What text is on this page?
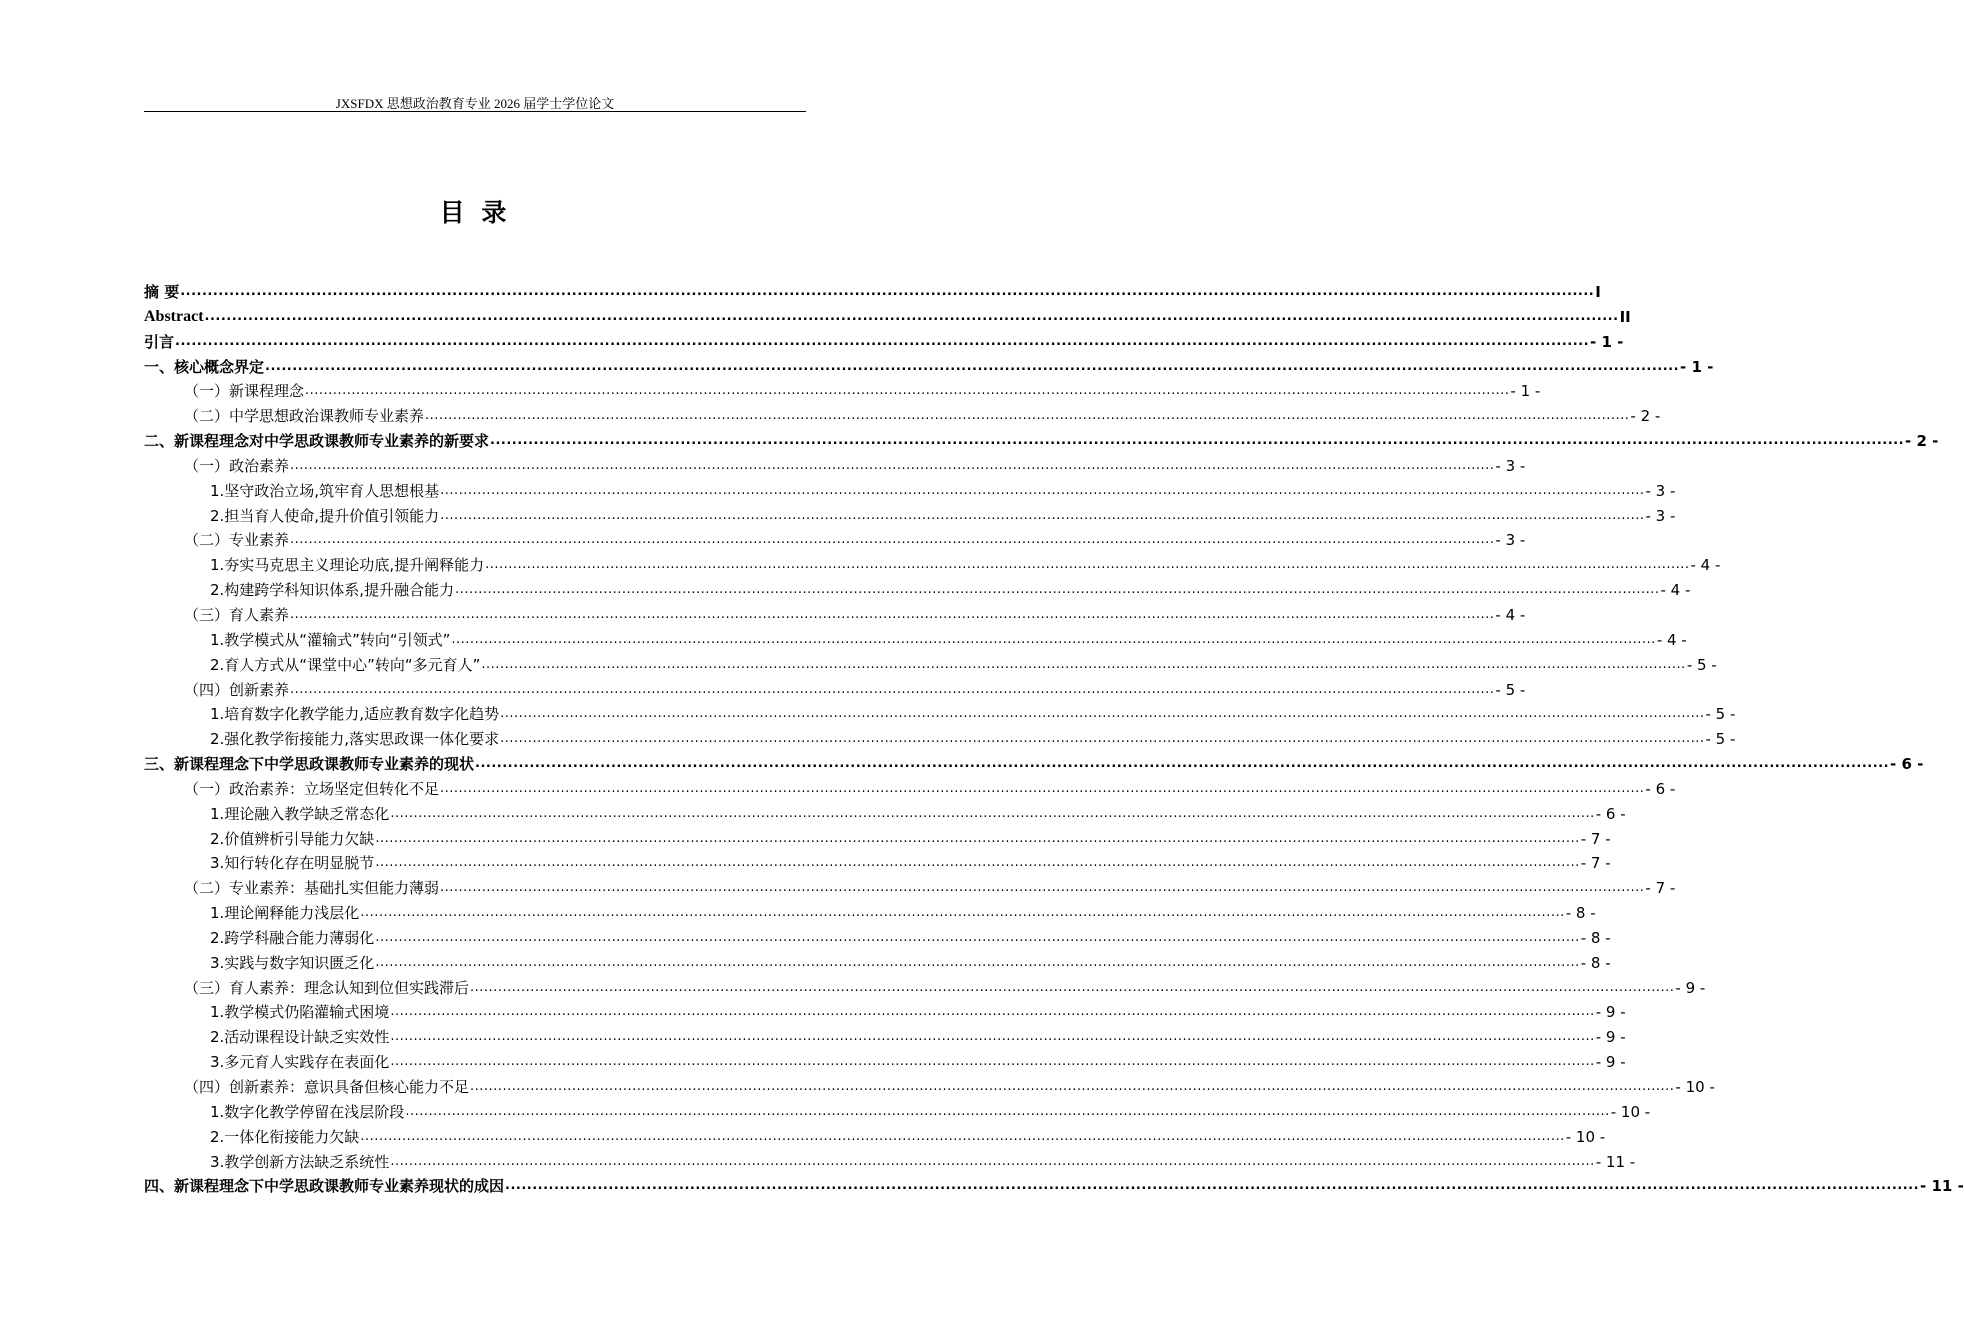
JXSFDX 思想政治教育专业 2026 届学士学位论文
目 录
摘 要 .................................................................................................................................................................................................................................................................... I
Abstract .................................................................................................................................................................................................................................................................... II
引言 .................................................................................................................................................................................................................................................................... - 1 -
一、核心概念界定 .................................................................................................................................................................................................................................................................... - 1 -
（一）新课程理念 .................................................................................................................................................................................................................................................................... - 1 -
（二）中学思想政治课教师专业素养 .................................................................................................................................................................................................................................................................... - 2 -
二、新课程理念对中学思政课教师专业素养的新要求 .................................................................................................................................................................................................................................................................... - 2 -
（一）政治素养 .................................................................................................................................................................................................................................................................... - 3 -
1.坚守政治立场,筑牢育人思想根基 .................................................................................................................................................................................................................................................................... - 3 -
2.担当育人使命,提升价值引领能力 .................................................................................................................................................................................................................................................................... - 3 -
（二）专业素养 .................................................................................................................................................................................................................................................................... - 3 -
1.夯实马克思主义理论功底,提升阐释能力 .................................................................................................................................................................................................................................................................... - 4 -
2.构建跨学科知识体系,提升融合能力 .................................................................................................................................................................................................................................................................... - 4 -
（三）育人素养 .................................................................................................................................................................................................................................................................... - 4 -
1.教学模式从“灌输式”转向“引领式” .................................................................................................................................................................................................................................................................... - 4 -
2.育人方式从“课堂中心”转向“多元育人” .................................................................................................................................................................................................................................................................... - 5 -
（四）创新素养 .................................................................................................................................................................................................................................................................... - 5 -
1.培育数字化教学能力,适应教育数字化趋势 .................................................................................................................................................................................................................................................................... - 5 -
2.强化教学衔接能力,落实思政课一体化要求 .................................................................................................................................................................................................................................................................... - 5 -
三、新课程理念下中学思政课教师专业素养的现状 .................................................................................................................................................................................................................................................................... - 6 -
（一）政治素养：立场坚定但转化不足 .................................................................................................................................................................................................................................................................... - 6 -
1.理论融入教学缺乏常态化 .................................................................................................................................................................................................................................................................... - 6 -
2.价值辨析引导能力欠缺 .................................................................................................................................................................................................................................................................... - 7 -
3.知行转化存在明显脱节 .................................................................................................................................................................................................................................................................... - 7 -
（二）专业素养：基础扎实但能力薄弱 .................................................................................................................................................................................................................................................................... - 7 -
1.理论阐释能力浅层化 .................................................................................................................................................................................................................................................................... - 8 -
2.跨学科融合能力薄弱化 .................................................................................................................................................................................................................................................................... - 8 -
3.实践与数字知识匮乏化 .................................................................................................................................................................................................................................................................... - 8 -
（三）育人素养：理念认知到位但实践滞后 .................................................................................................................................................................................................................................................................... - 9 -
1.教学模式仍陷灌输式困境 .................................................................................................................................................................................................................................................................... - 9 -
2.活动课程设计缺乏实效性 .................................................................................................................................................................................................................................................................... - 9 -
3.多元育人实践存在表面化 .................................................................................................................................................................................................................................................................... - 9 -
（四）创新素养：意识具备但核心能力不足 .................................................................................................................................................................................................................................................................... - 10 -
1.数字化教学停留在浅层阶段 .................................................................................................................................................................................................................................................................... - 10 -
2.一体化衔接能力欠缺 .................................................................................................................................................................................................................................................................... - 10 -
3.教学创新方法缺乏系统性 .................................................................................................................................................................................................................................................................... - 11 -
四、新课程理念下中学思政课教师专业素养现状的成因 .................................................................................................................................................................................................................................................................... - 11 -
